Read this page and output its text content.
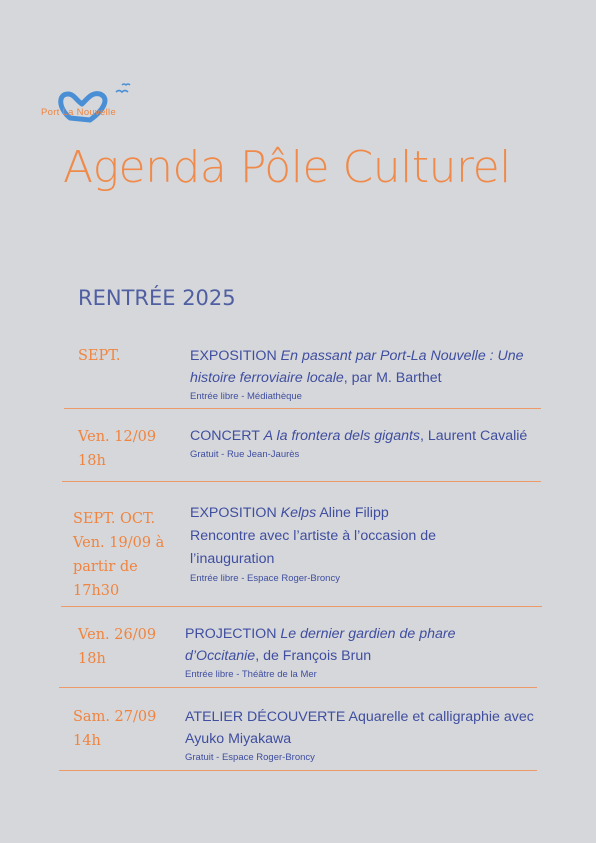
Port La Nouvelle
Agenda Pôle Culturel
RENTRÉE 2025
SEPT.	EXPOSITION En passant par Port-La Nouvelle : Une
histoire ferroviaire locale, par M. Barthet
Entrée libre - Médiathèque
Ven. 12/09
18h
CONCERT A la frontera dels gigants, Laurent Cavalié
Gratuit - Rue Jean-Jaurès
SEPT. OCT.
Ven. 19/09 à
partir de
17h30
EXPOSITION Kelps Aline Filipp
Rencontre avec l’artiste à l’occasion de
l’inauguration
Entrée libre - Espace Roger-Broncy
Ven. 26/09
18h
PROJECTION Le dernier gardien de phare
d’Occitanie, de François Brun
Entrée libre - Théâtre de la Mer
Sam. 27/09
14h
ATELIER DÉCOUVERTE Aquarelle et calligraphie avec
Ayuko Miyakawa
Gratuit - Espace Roger-Broncy
